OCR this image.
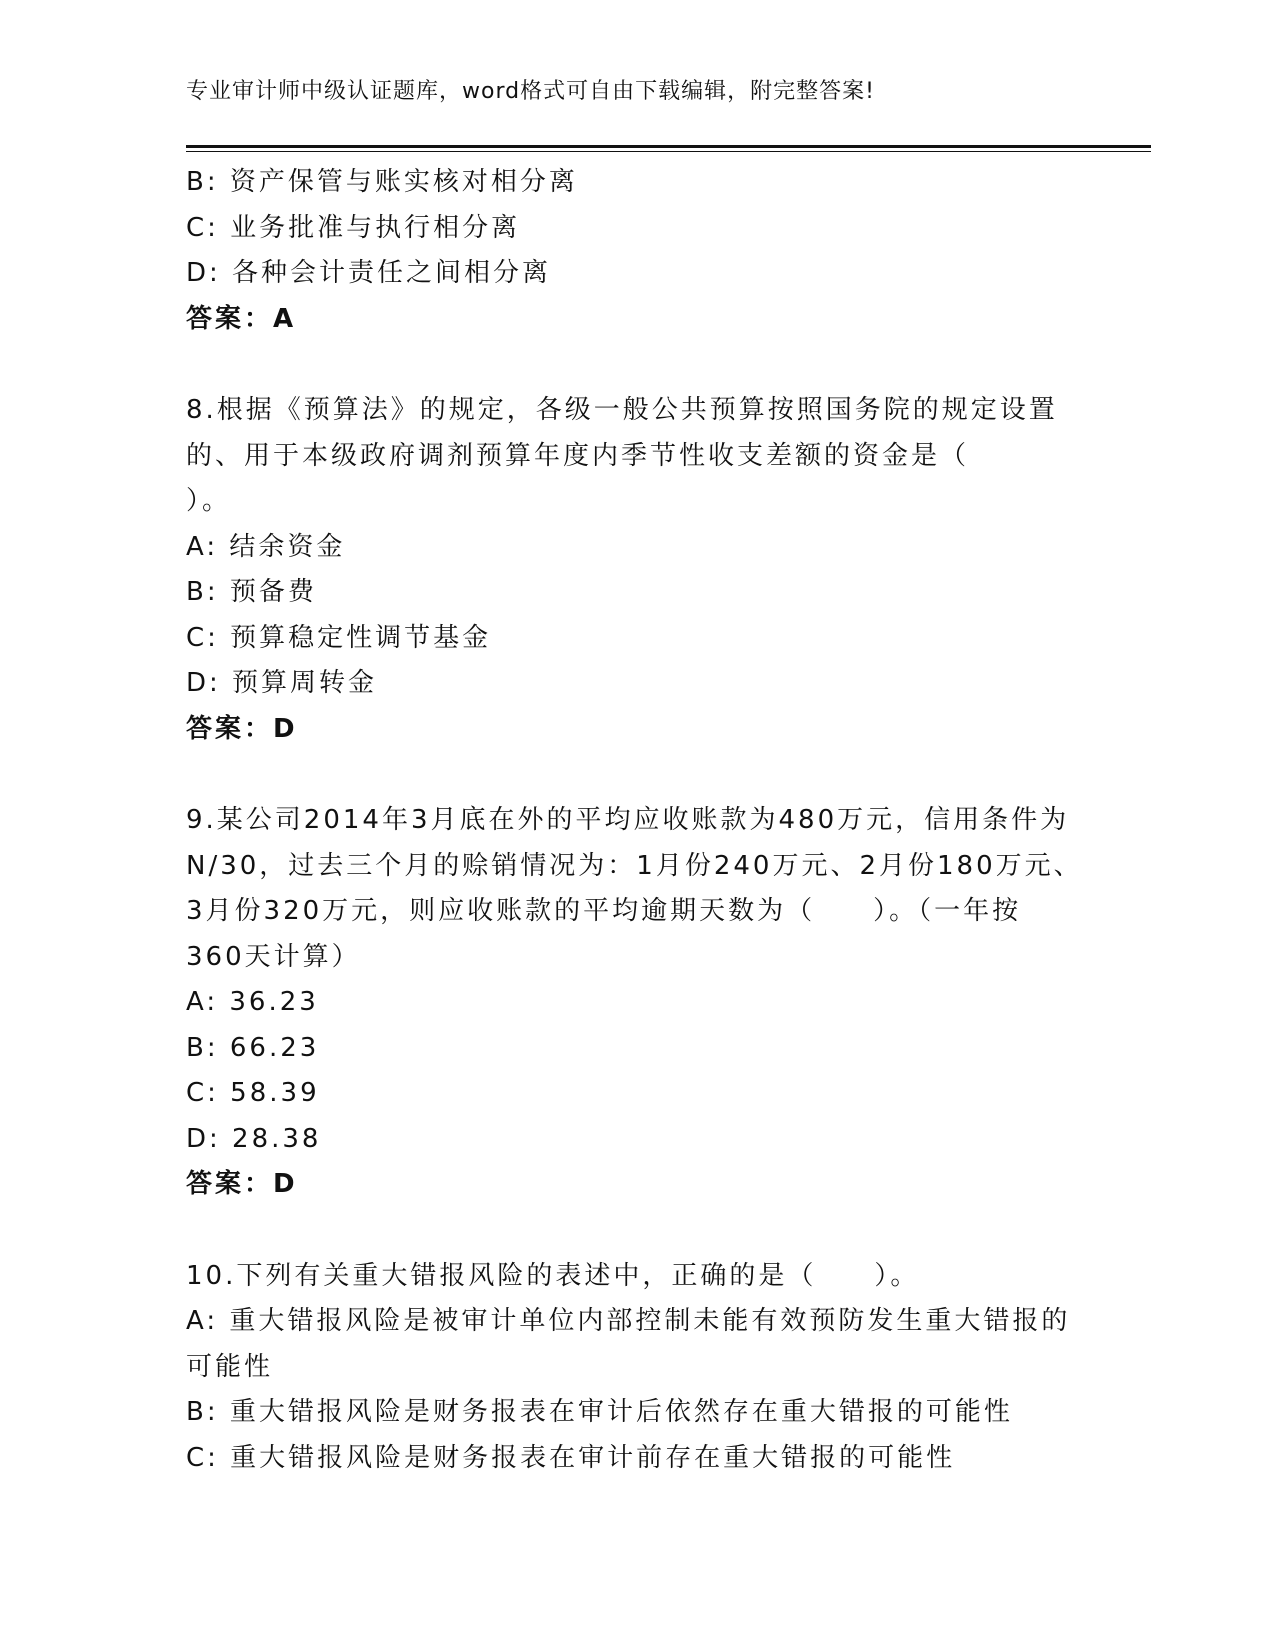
专业审计师中级认证题库，word格式可自由下载编辑，附完整答案!
B: 资产保管与账实核对相分离
C: 业务批准与执行相分离
D: 各种会计责任之间相分离
答案：A
8.根据《预算法》的规定，各级一般公共预算按照国务院的规定设置
的、用于本级政府调剂预算年度内季节性收支差额的资金是（
）。
A: 结余资金
B: 预备费
C: 预算稳定性调节基金
D: 预算周转金
答案：D
9.某公司2014年3月底在外的平均应收账款为480万元，信用条件为
N/30，过去三个月的赊销情况为：1月份240万元、2月份180万元、
3月份320万元，则应收账款的平均逾期天数为（　　）。（一年按
360天计算）
A: 36.23
B: 66.23
C: 58.39
D: 28.38
答案：D
10.下列有关重大错报风险的表述中，正确的是（　　）。
A: 重大错报风险是被审计单位内部控制未能有效预防发生重大错报的
可能性
B: 重大错报风险是财务报表在审计后依然存在重大错报的可能性
C: 重大错报风险是财务报表在审计前存在重大错报的可能性
